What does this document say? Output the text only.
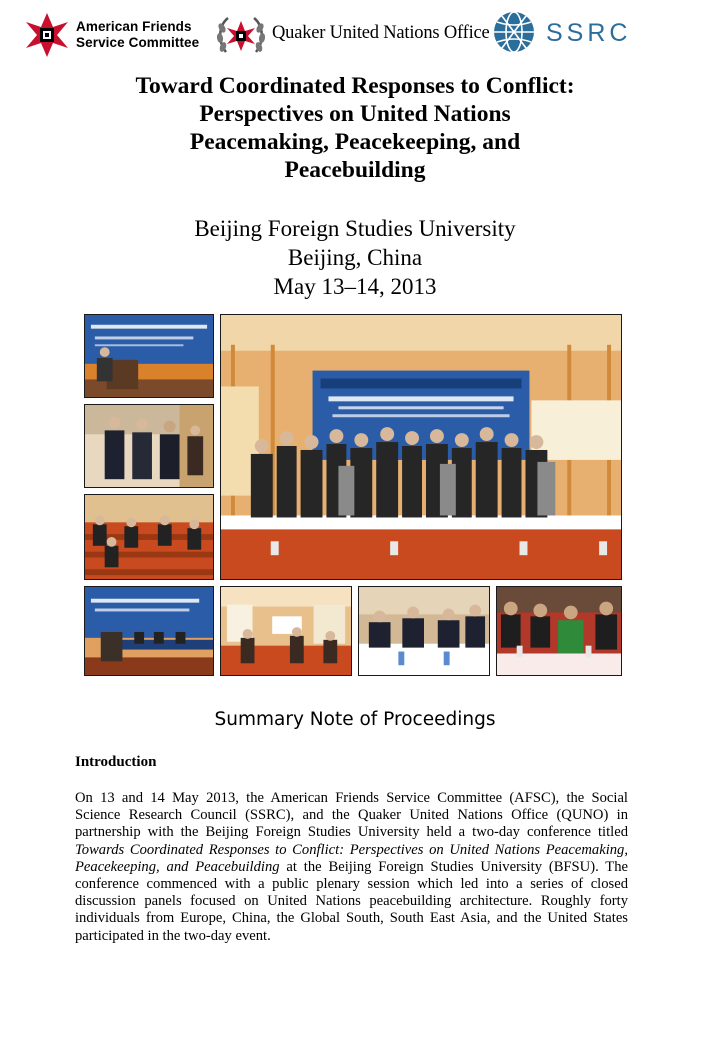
American Friends
Service Committee	Quaker United Nations Office SSRC
Toward Coordinated Responses to Conflict:
Perspectives on United Nations
Peacemaking, Peacekeeping, and
Peacebuilding
Beijing Foreign Studies University
Beijing, China
May 13–14, 2013
Summary Note of Proceedings
Introduction
On 13 and 14 May 2013, the American Friends Service Committee (AFSC), the Social Science Research Council (SSRC), and the Quaker United Nations Office (QUNO) in partnership with the Beijing Foreign Studies University held a two-day conference titled Towards Coordinated Responses to Conflict: Perspectives on United Nations Peacemaking, Peacekeeping, and Peacebuilding at the Beijing Foreign Studies University (BFSU). The conference commenced with a public plenary session which led into a series of closed discussion panels focused on United Nations peacebuilding architecture. Roughly forty individuals from Europe, China, the Global South, South East Asia, and the United States participated in the two-day event.
